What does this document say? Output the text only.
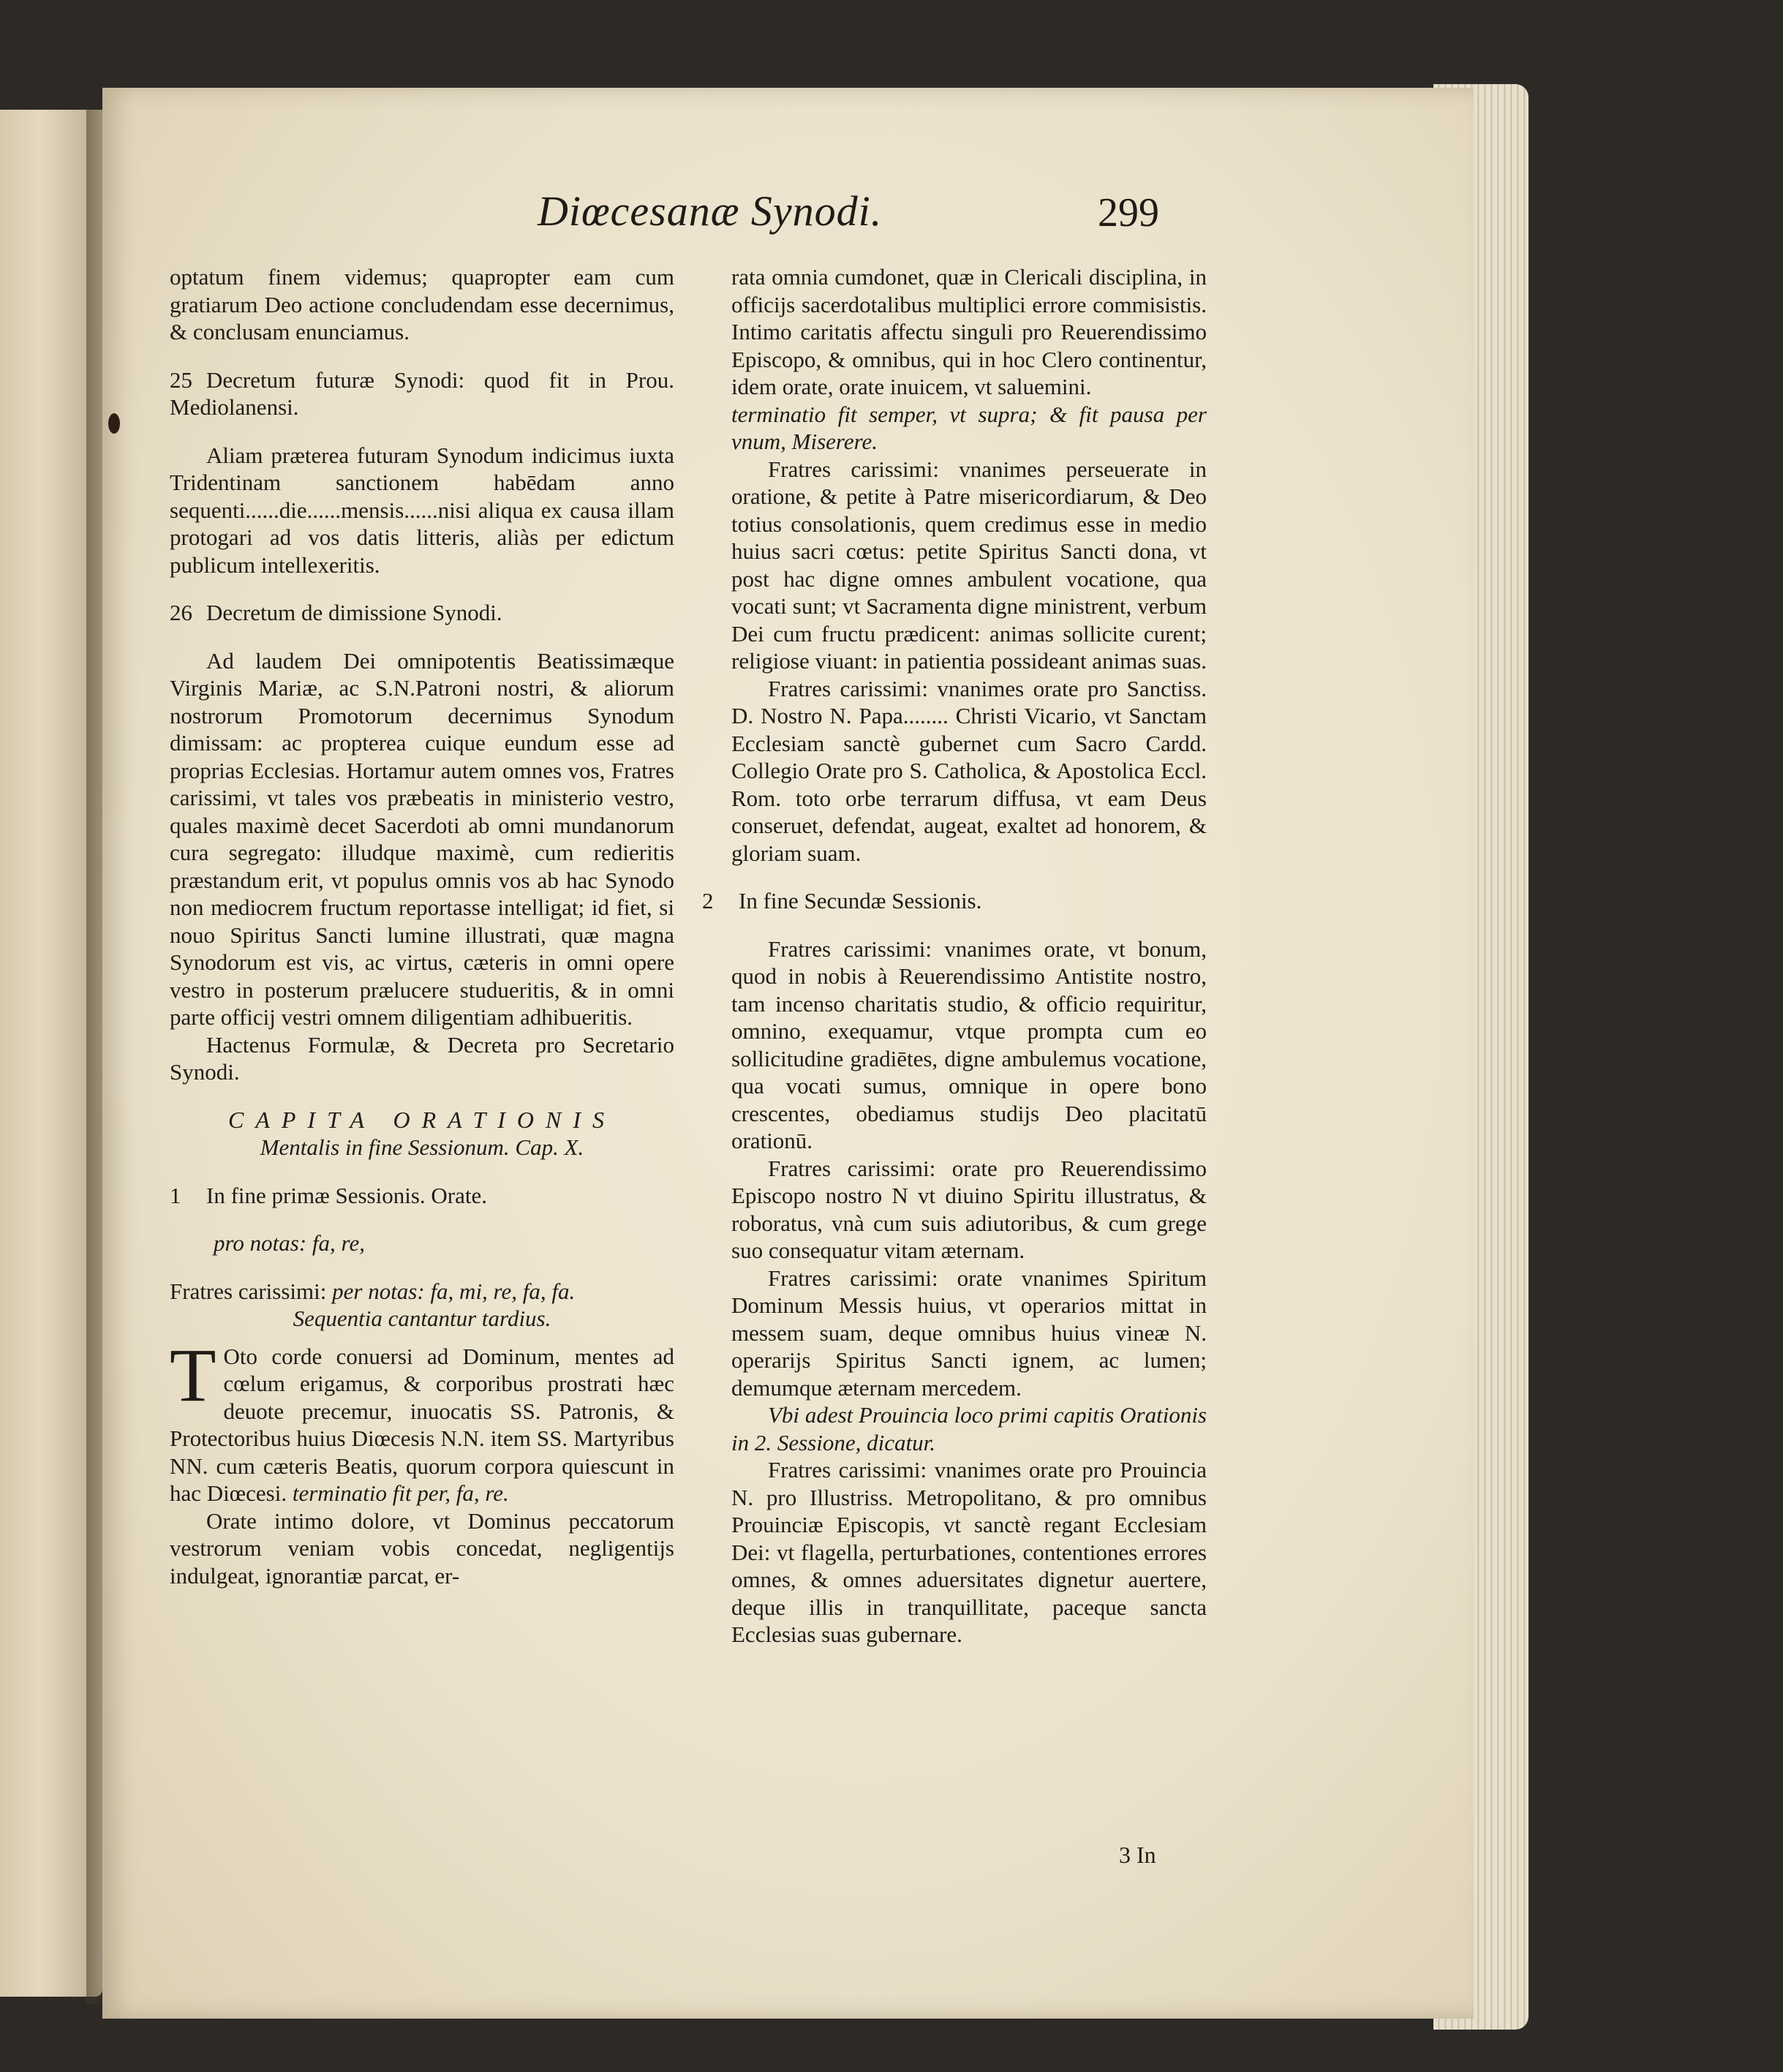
Diœcesanæ Synodi.	299

optatum finem videmus; quapropter eam cum gratiarum Deo actione concludendam esse decernimus, & conclusam enunciamus.

25 Decretum futuræ Synodi: quod fit in Prou. Mediolanensi.

Aliam præterea futuram Synodum indicimus iuxta Tridentinam sanctionem habēdam anno sequenti......die......mensis......nisi aliqua ex causa illam protogari ad vos datis litteris, aliàs per edictum publicum intellexeritis.

26 Decretum de dimissione Synodi.

Ad laudem Dei omnipotentis Beatissimæque Virginis Mariæ, ac S.N.Patroni nostri, & aliorum nostrorum Promotorum decernimus Synodum dimissam: ac propterea cuique eundum esse ad proprias Ecclesias. Hortamur autem omnes vos, Fratres carissimi, vt tales vos præbeatis in ministerio vestro, quales maximè decet Sacerdoti ab omni mundanorum cura segregato: illudque maximè, cum redieritis præstandum erit, vt populus omnis vos ab hac Synodo non mediocrem fructum reportasse intelligat; id fiet, si nouo Spiritus Sancti lumine illustrati, quæ magna Synodorum est vis, ac virtus, cæteris in omni opere vestro in posterum prælucere studueritis, & in omni parte officij vestri omnem diligentiam adhibueritis.

Hactenus Formulæ, & Decreta pro Secretario Synodi.

CAPITA ORATIONIS

Mentalis in fine Sessionum. Cap. X.

1 In fine primæ Sessionis. Orate.

pro notas: fa, re,

Fratres carissimi: per notas: fa, mi, re, fa, fa.

Sequentia cantantur tardius.

T Oto corde conuersi ad Dominum, mentes ad cœlum erigamus, & corporibus prostrati hæc deuote precemur, inuocatis SS. Patronis, & Protectoribus huius Diœcesis N.N. item SS. Martyribus NN. cum cæteris Beatis, quorum corpora quiescunt in hac Diœcesi. terminatio fit per, fa, re.

Orate intimo dolore, vt Dominus peccatorum vestrorum veniam vobis concedat, negligentijs indulgeat, ignorantiæ parcat, er-

rata omnia cumdonet, quæ in Clericali disciplina, in officijs sacerdotalibus multiplici errore commisistis. Intimo caritatis affectu singuli pro Reuerendissimo Episcopo, & omnibus, qui in hoc Clero continentur, idem orate, orate inuicem, vt saluemini.

terminatio fit semper, vt supra; & fit pausa per vnum, Miserere.

Fratres carissimi: vnanimes perseuerate in oratione, & petite à Patre misericordiarum, & Deo totius consolationis, quem credimus esse in medio huius sacri cœtus: petite Spiritus Sancti dona, vt post hac digne omnes ambulent vocatione, qua vocati sunt; vt Sacramenta digne ministrent, verbum Dei cum fructu prædicent: animas sollicite curent; religiose viuant: in patientia possideant animas suas.

Fratres carissimi: vnanimes orate pro Sanctiss. D. Nostro N. Papa........ Christi Vicario, vt Sanctam Ecclesiam sanctè gubernet cum Sacro Cardd. Collegio Orate pro S. Catholica, & Apostolica Eccl. Rom. toto orbe terrarum diffusa, vt eam Deus conseruet, defendat, augeat, exaltet ad honorem, & gloriam suam.

2 In fine Secundæ Sessionis.

Fratres carissimi: vnanimes orate, vt bonum, quod in nobis à Reuerendissimo Antistite nostro, tam incenso charitatis studio, & officio requiritur, omnino, exequamur, vtque prompta cum eo sollicitudine gradiētes, digne ambulemus vocatione, qua vocati sumus, omnique in opere bono crescentes, obediamus studijs Deo placitatū orationū.

Fratres carissimi: orate pro Reuerendissimo Episcopo nostro N vt diuino Spiritu illustratus, & roboratus, vnà cum suis adiutoribus, & cum grege suo consequatur vitam æternam.

Fratres carissimi: orate vnanimes Spiritum Dominum Messis huius, vt operarios mittat in messem suam, deque omnibus huius vineæ N. operarijs Spiritus Sancti ignem, ac lumen; demumque æternam mercedem.

Vbi adest Prouincia loco primi capitis Orationis in 2. Sessione, dicatur.

Fratres carissimi: vnanimes orate pro Prouincia N. pro Illustriss. Metropolitano, & pro omnibus Prouinciæ Episcopis, vt sanctè regant Ecclesiam Dei: vt flagella, perturbationes, contentiones errores omnes, & omnes aduersitates dignetur auertere, deque illis in tranquillitate, paceque sancta Ecclesias suas gubernare.

3 In
